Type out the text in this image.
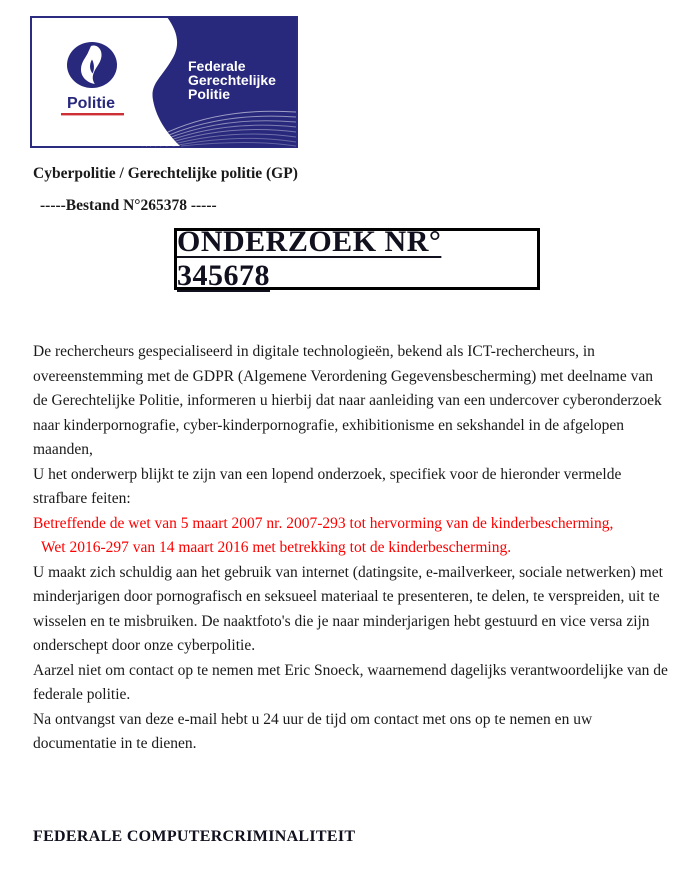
Politie
Federale
Gerechtelijke
Politie
Cyberpolitie / Gerechtelijke politie (GP)
-----Bestand N°265378 -----
ONDERZOEK NR° 345678

De rechercheurs gespecialiseerd in digitale technologieën, bekend als ICT-rechercheurs, in overeenstemming met de GDPR (Algemene Verordening Gegevensbescherming) met deelname van de Gerechtelijke Politie, informeren u hierbij dat naar aanleiding van een undercover cyberonderzoek naar kinderpornografie, cyber-kinderpornografie, exhibitionisme en sekshandel in de afgelopen maanden,

U het onderwerp blijkt te zijn van een lopend onderzoek, specifiek voor de hieronder vermelde strafbare feiten:

Betreffende de wet van 5 maart 2007 nr. 2007-293 tot hervorming van de kinderbescherming,

Wet 2016-297 van 14 maart 2016 met betrekking tot de kinderbescherming.

U maakt zich schuldig aan het gebruik van internet (datingsite, e-mailverkeer, sociale netwerken) met minderjarigen door pornografisch en seksueel materiaal te presenteren, te delen, te verspreiden, uit te wisselen en te misbruiken. De naaktfoto's die je naar minderjarigen hebt gestuurd en vice versa zijn onderschept door onze cyberpolitie.

Aarzel niet om contact op te nemen met Eric Snoeck, waarnemend dagelijks verantwoordelijke van de federale politie.

Na ontvangst van deze e-mail hebt u 24 uur de tijd om contact met ons op te nemen en uw documentatie in te dienen.

FEDERALE COMPUTERCRIMINALITEIT
